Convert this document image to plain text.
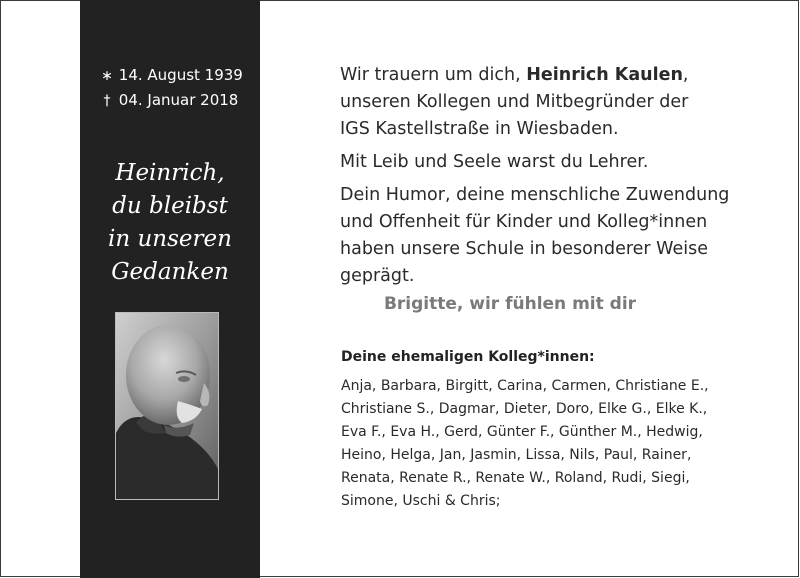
∗ 14. August 1939
† 04. Januar 2018
Heinrich,
du bleibst
in unseren
Gedanken

Wir trauern um dich, Heinrich Kaulen,
unseren Kollegen und Mitbegründer der
IGS Kastellstraße in Wiesbaden.

Mit Leib und Seele warst du Lehrer.

Dein Humor, deine menschliche Zuwendung
und Offenheit für Kinder und Kolleg*innen
haben unsere Schule in besonderer Weise
geprägt.

Brigitte, wir fühlen mit dir
Deine ehemaligen Kolleg*innen:
Anja, Barbara, Birgitt, Carina, Carmen, Christiane E.,
Christiane S., Dagmar, Dieter, Doro, Elke G., Elke K.,
Eva F., Eva H., Gerd, Günter F., Günther M., Hedwig,
Heino, Helga, Jan, Jasmin, Lissa, Nils, Paul, Rainer,
Renata, Renate R., Renate W., Roland, Rudi, Siegi,
Simone, Uschi & Chris;
